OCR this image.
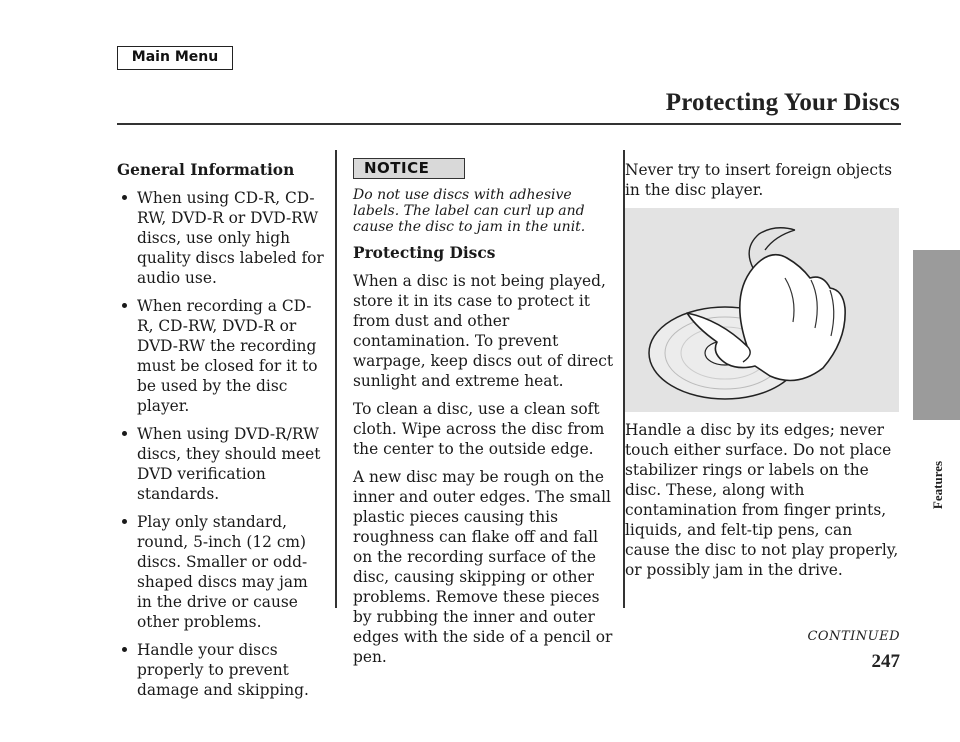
Main Menu
Protecting Your Discs
Features

General Information

When using CD-R, CD-RW, DVD-R or DVD-RW discs, use only high quality discs labeled for audio use.
When recording a CD-R, CD-RW, DVD-R or DVD-RW the recording must be closed for it to be used by the disc player.
When using DVD-R/RW discs, they should meet DVD verification standards.
Play only standard, round, 5-inch (12 cm) discs. Smaller or odd-shaped discs may jam in the drive or cause other problems.
Handle your discs properly to prevent damage and skipping.
NOTICE

Do not use discs with adhesive labels. The label can curl up and cause the disc to jam in the unit.

Protecting Discs

When a disc is not being played, store it in its case to protect it from dust and other contamination. To prevent warpage, keep discs out of direct sunlight and extreme heat.

To clean a disc, use a clean soft cloth. Wipe across the disc from the center to the outside edge.

A new disc may be rough on the inner and outer edges. The small plastic pieces causing this roughness can flake off and fall on the recording surface of the disc, causing skipping or other problems. Remove these pieces by rubbing the inner and outer edges with the side of a pencil or pen.

Never try to insert foreign objects in the disc player.

Handle a disc by its edges; never touch either surface. Do not place stabilizer rings or labels on the disc. These, along with contamination from finger prints, liquids, and felt-tip pens, can cause the disc to not play properly, or possibly jam in the drive.

CONTINUED
247
